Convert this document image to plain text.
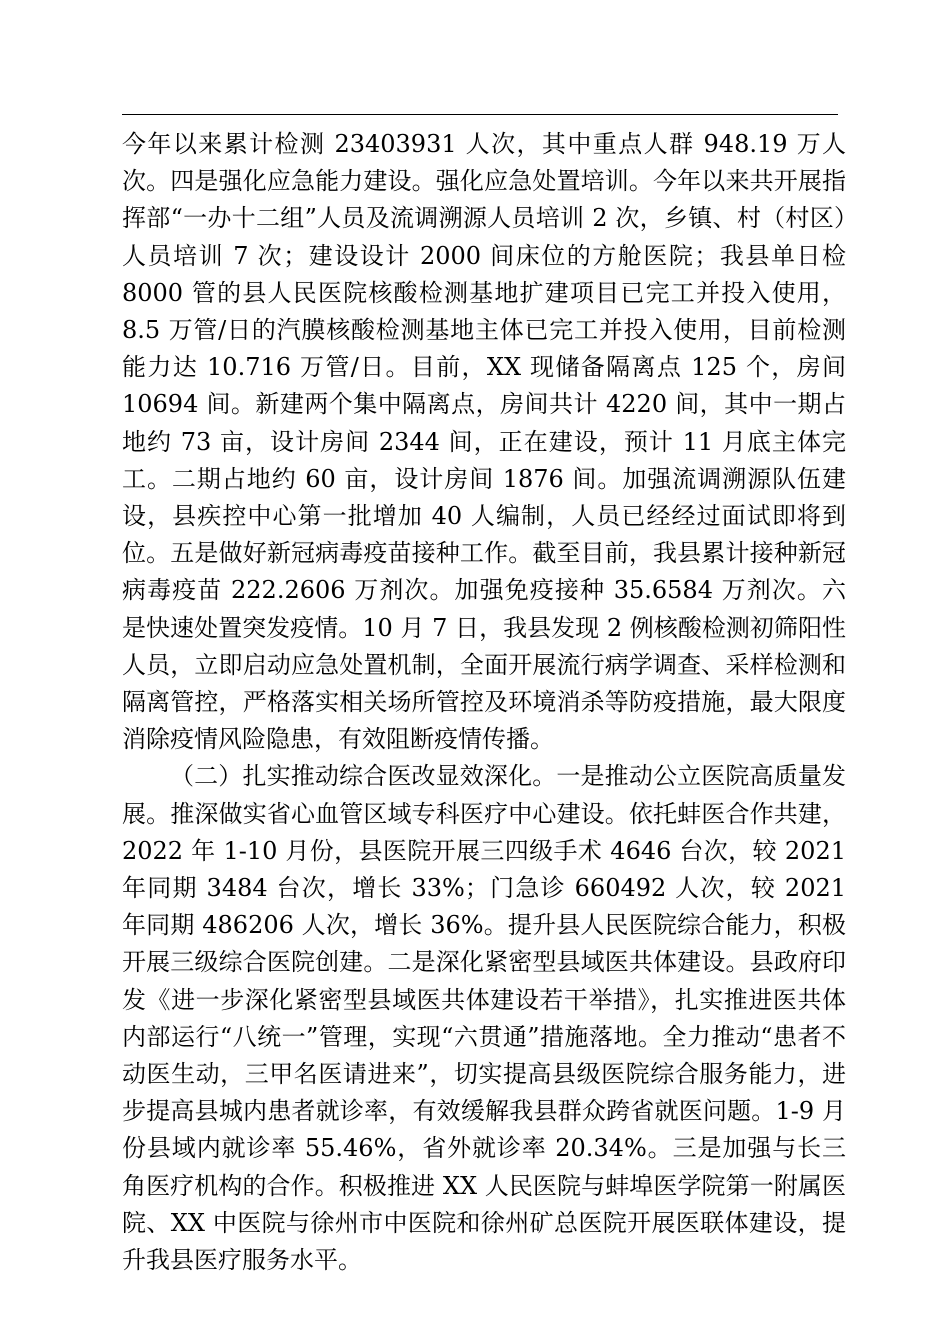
今年以来累计检测 23403931 人次，其中重点人群 948.19 万人次。四是强化应急能力建设。强化应急处置培训。今年以来共开展指挥部“一办十二组”人员及流调溯源人员培训 2 次，乡镇、村（村区）人员培训 7 次；建设设计 2000 间床位的方舱医院；我县单日检 8000 管的县人民医院核酸检测基地扩建项目已完工并投入使用，8.5 万管/日的汽膜核酸检测基地主体已完工并投入使用，目前检测能力达 10.716 万管/日。目前，XX 现储备隔离点 125 个，房间 10694 间。新建两个集中隔离点，房间共计 4220 间，其中一期占地约 73 亩，设计房间 2344 间，正在建设，预计 11 月底主体完工。二期占地约 60 亩，设计房间 1876 间。加强流调溯源队伍建设，县疾控中心第一批增加 40 人编制，人员已经经过面试即将到位。五是做好新冠病毒疫苗接种工作。截至目前，我县累计接种新冠病毒疫苗 222.2606 万剂次。加强免疫接种 35.6584 万剂次。六是快速处置突发疫情。10 月 7 日，我县发现 2 例核酸检测初筛阳性人员，立即启动应急处置机制，全面开展流行病学调查、采样检测和隔离管控，严格落实相关场所管控及环境消杀等防疫措施，最大限度消除疫情风险隐患，有效阻断疫情传播。

（二）扎实推动综合医改显效深化。一是推动公立医院高质量发展。推深做实省心血管区域专科医疗中心建设。依托蚌医合作共建，2022 年 1-10 月份，县医院开展三四级手术 4646 台次，较 2021 年同期 3484 台次，增长 33%；门急诊 660492 人次，较 2021 年同期 486206 人次，增长 36%。提升县人民医院综合能力，积极开展三级综合医院创建。二是深化紧密型县域医共体建设。县政府印发《进一步深化紧密型县域医共体建设若干举措》，扎实推进医共体内部运行“八统一”管理，实现“六贯通”措施落地。全力推动“患者不动医生动，三甲名医请进来”，切实提高县级医院综合服务能力，进步提高县城内患者就诊率，有效缓解我县群众跨省就医问题。1-9 月份县域内就诊率 55.46%，省外就诊率 20.34%。三是加强与长三角医疗机构的合作。积极推进 XX 人民医院与蚌埠医学院第一附属医院、XX 中医院与徐州市中医院和徐州矿总医院开展医联体建设，提升我县医疗服务水平。
